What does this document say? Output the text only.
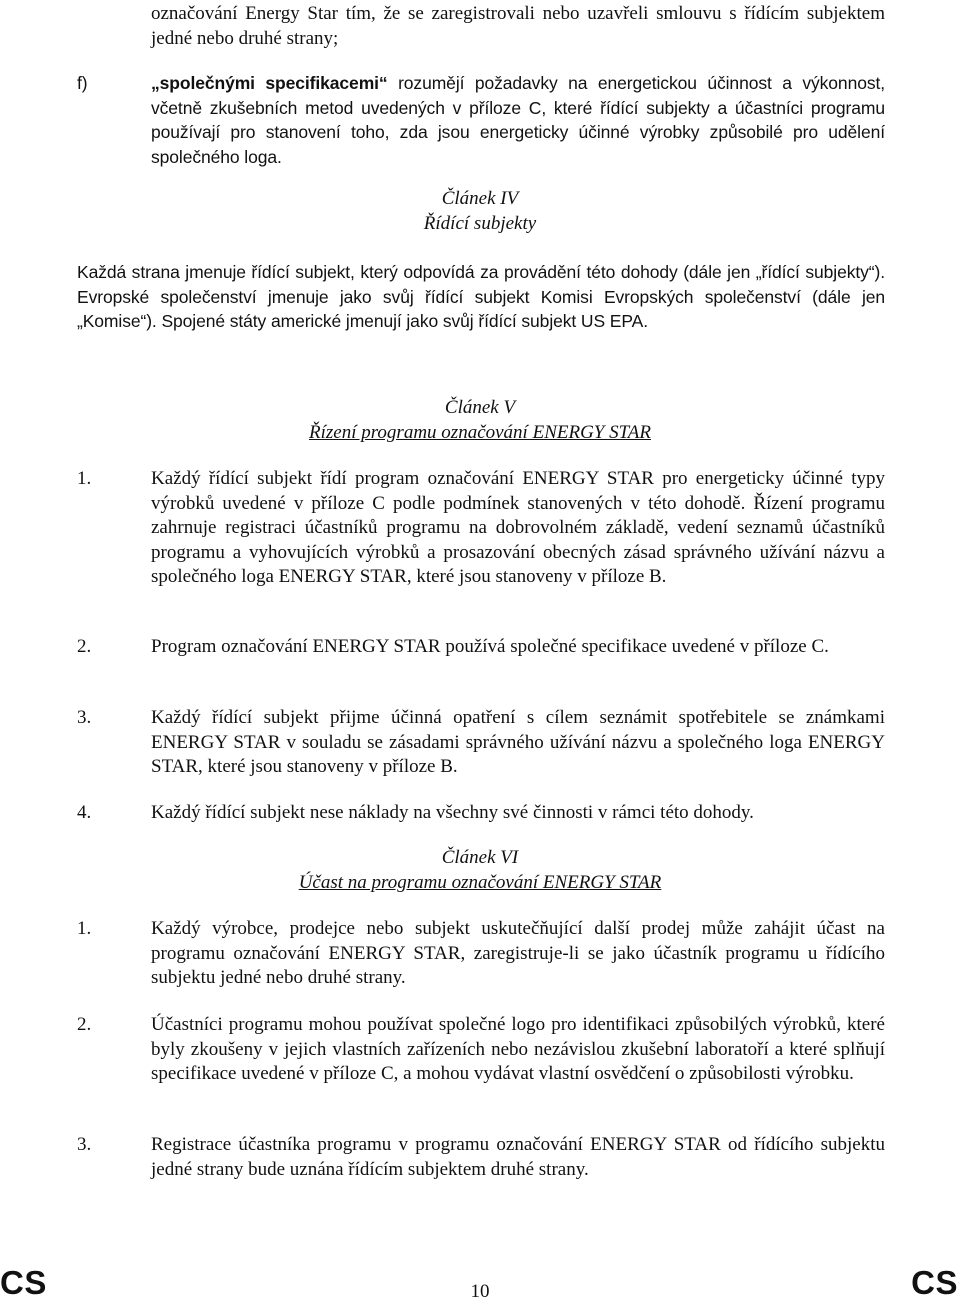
označování Energy Star tím, že se zaregistrovali nebo uzavřeli smlouvu s řídícím subjektem jedné nebo druhé strany;
f)	„společnými specifikacemi“ rozumějí požadavky na energetickou účinnost a výkonnost, včetně zkušebních metod uvedených v příloze C, které řídící subjekty a účastníci programu používají pro stanovení toho, zda jsou energeticky účinné výrobky způsobilé pro udělení společného loga.
Článek IV
Řídící subjekty
Každá strana jmenuje řídící subjekt, který odpovídá za provádění této dohody (dále jen „řídící subjekty“). Evropské společenství jmenuje jako svůj řídící subjekt Komisi Evropských společenství (dále jen „Komise“). Spojené státy americké jmenují jako svůj řídící subjekt US EPA.
Článek V
Řízení programu označování ENERGY STAR
1.	Každý řídící subjekt řídí program označování ENERGY STAR pro energeticky účinné typy výrobků uvedené v příloze C podle podmínek stanovených v této dohodě. Řízení programu zahrnuje registraci účastníků programu na dobrovolném základě, vedení seznamů účastníků programu a vyhovujících výrobků a prosazování obecných zásad správného užívání názvu a společného loga ENERGY STAR, které jsou stanoveny v příloze B.
2.	Program označování ENERGY STAR používá společné specifikace uvedené v příloze C.
3.	Každý řídící subjekt přijme účinná opatření s cílem seznámit spotřebitele se známkami ENERGY STAR v souladu se zásadami správného užívání názvu a společného loga ENERGY STAR, které jsou stanoveny v příloze B.
4.	Každý řídící subjekt nese náklady na všechny své činnosti v rámci této dohody.
Článek VI
Účast na programu označování ENERGY STAR
1.	Každý výrobce, prodejce nebo subjekt uskutečňující další prodej může zahájit účast na programu označování ENERGY STAR, zaregistruje-li se jako účastník programu u řídícího subjektu jedné nebo druhé strany.
2.	Účastníci programu mohou používat společné logo pro identifikaci způsobilých výrobků, které byly zkoušeny v jejich vlastních zařízeních nebo nezávislou zkušební laboratoří a které splňují specifikace uvedené v příloze C, a mohou vydávat vlastní osvědčení o způsobilosti výrobku.
3.	Registrace účastníka programu v programu označování ENERGY STAR od řídícího subjektu jedné strany bude uznána řídícím subjektem druhé strany.
CS	10	CS
